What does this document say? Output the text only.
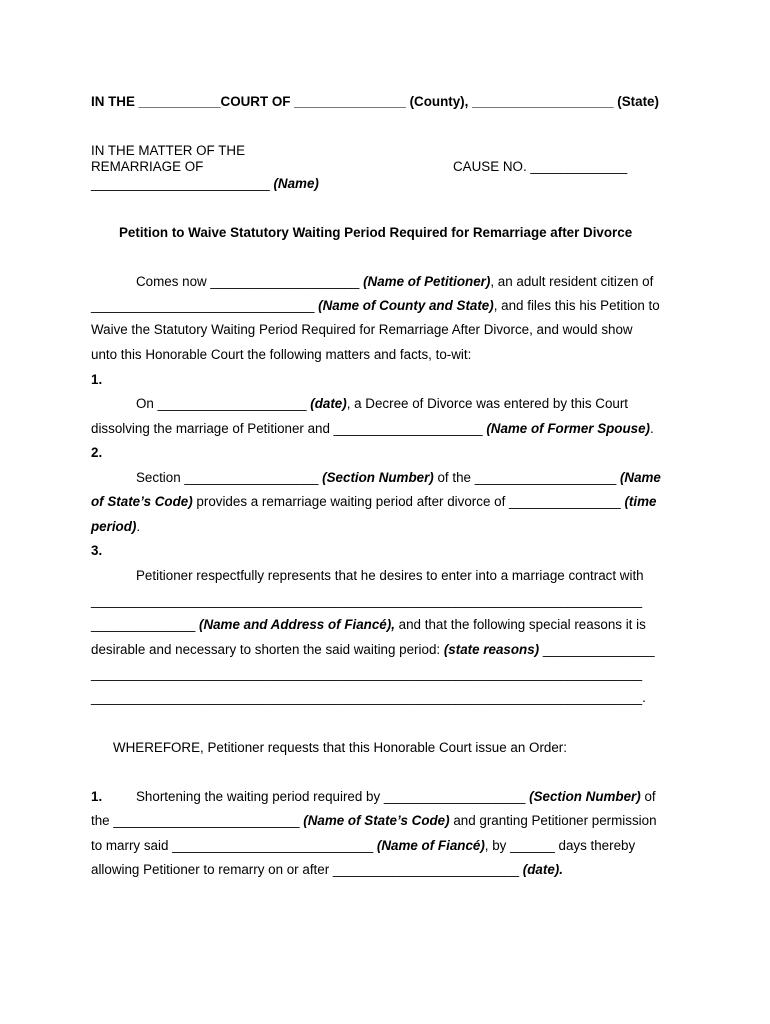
IN THE ___________COURT OF _______________ (County), ___________________ (State)
IN THE MATTER OF THE
REMARRIAGE OF	CAUSE NO. _____________
________________________ (Name)
Petition to Waive Statutory Waiting Period Required for Remarriage after Divorce
Comes now ____________________ (Name of Petitioner), an adult resident citizen of
______________________________ (Name of County and State), and files this his Petition to
Waive the Statutory Waiting Period Required for Remarriage After Divorce, and would show
unto this Honorable Court the following matters and facts, to-wit:
1.
On ____________________ (date), a Decree of Divorce was entered by this Court
dissolving the marriage of Petitioner and ____________________ (Name of Former Spouse).
2.
Section __________________ (Section Number) of the ___________________ (Name
of State’s Code) provides a remarriage waiting period after divorce of _______________ (time
period).
3.
Petitioner respectfully represents that he desires to enter into a marriage contract with
__________________________________________________________________________
______________ (Name and Address of Fiancé), and that the following special reasons it is
desirable and necessary to shorten the said waiting period: (state reasons) _______________
__________________________________________________________________________
__________________________________________________________________________.
WHEREFORE, Petitioner requests that this Honorable Court issue an Order:
1.	Shortening the waiting period required by ___________________ (Section Number) of
the _________________________ (Name of State’s Code) and granting Petitioner permission
to marry said ___________________________ (Name of Fiancé), by ______ days thereby
allowing Petitioner to remarry on or after _________________________ (date).
